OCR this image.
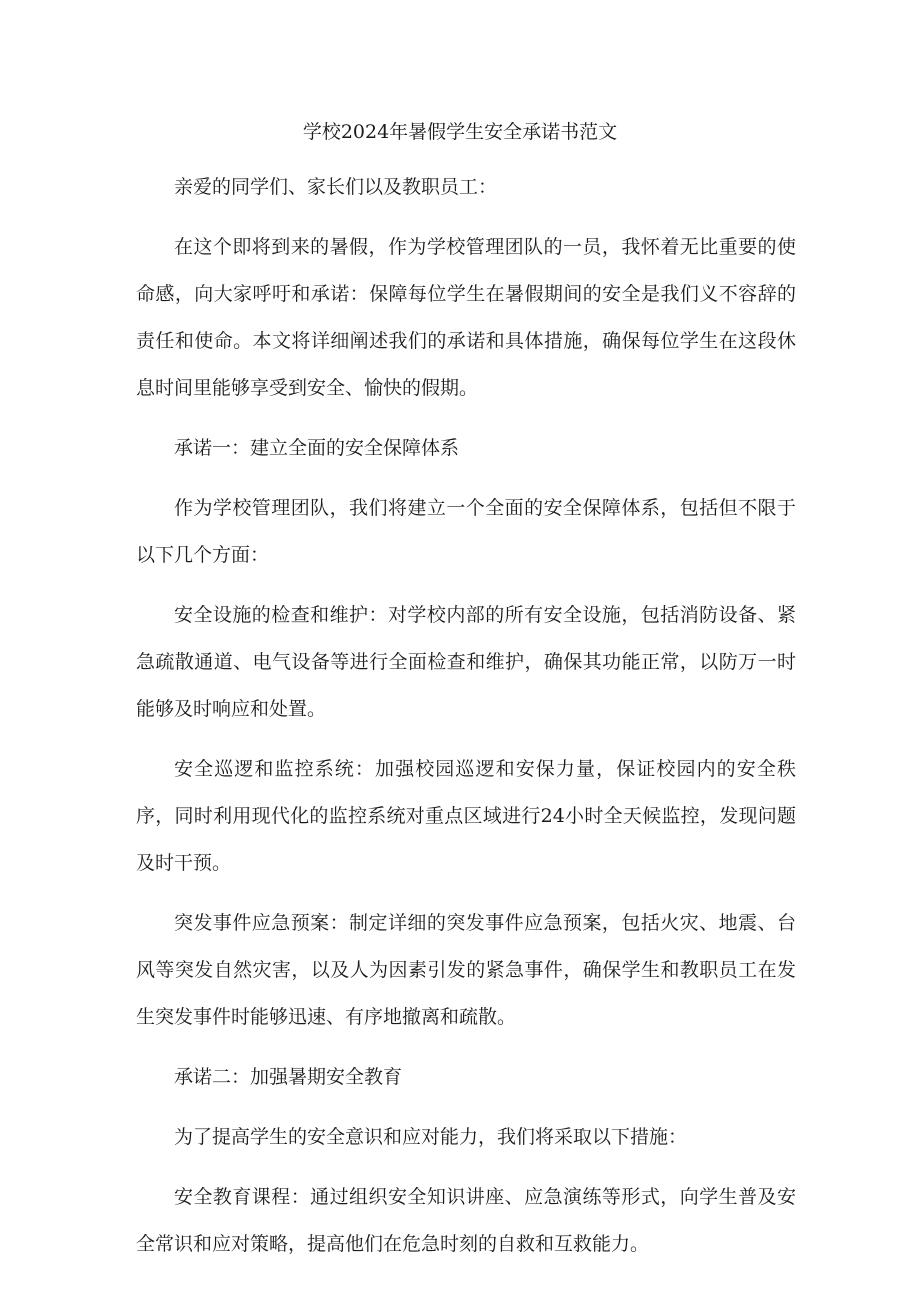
学校2024年暑假学生安全承诺书范文

亲爱的同学们、家长们以及教职员工：

在这个即将到来的暑假，作为学校管理团队的一员，我怀着无比重要的使命感，向大家呼吁和承诺：保障每位学生在暑假期间的安全是我们义不容辞的责任和使命。本文将详细阐述我们的承诺和具体措施，确保每位学生在这段休息时间里能够享受到安全、愉快的假期。

承诺一：建立全面的安全保障体系

作为学校管理团队，我们将建立一个全面的安全保障体系，包括但不限于以下几个方面：

安全设施的检查和维护：对学校内部的所有安全设施，包括消防设备、紧急疏散通道、电气设备等进行全面检查和维护，确保其功能正常，以防万一时能够及时响应和处置。

安全巡逻和监控系统：加强校园巡逻和安保力量，保证校园内的安全秩序，同时利用现代化的监控系统对重点区域进行24小时全天候监控，发现问题及时干预。

突发事件应急预案：制定详细的突发事件应急预案，包括火灾、地震、台风等突发自然灾害，以及人为因素引发的紧急事件，确保学生和教职员工在发生突发事件时能够迅速、有序地撤离和疏散。

承诺二：加强暑期安全教育

为了提高学生的安全意识和应对能力，我们将采取以下措施：

安全教育课程：通过组织安全知识讲座、应急演练等形式，向学生普及安全常识和应对策略，提高他们在危急时刻的自救和互救能力。
